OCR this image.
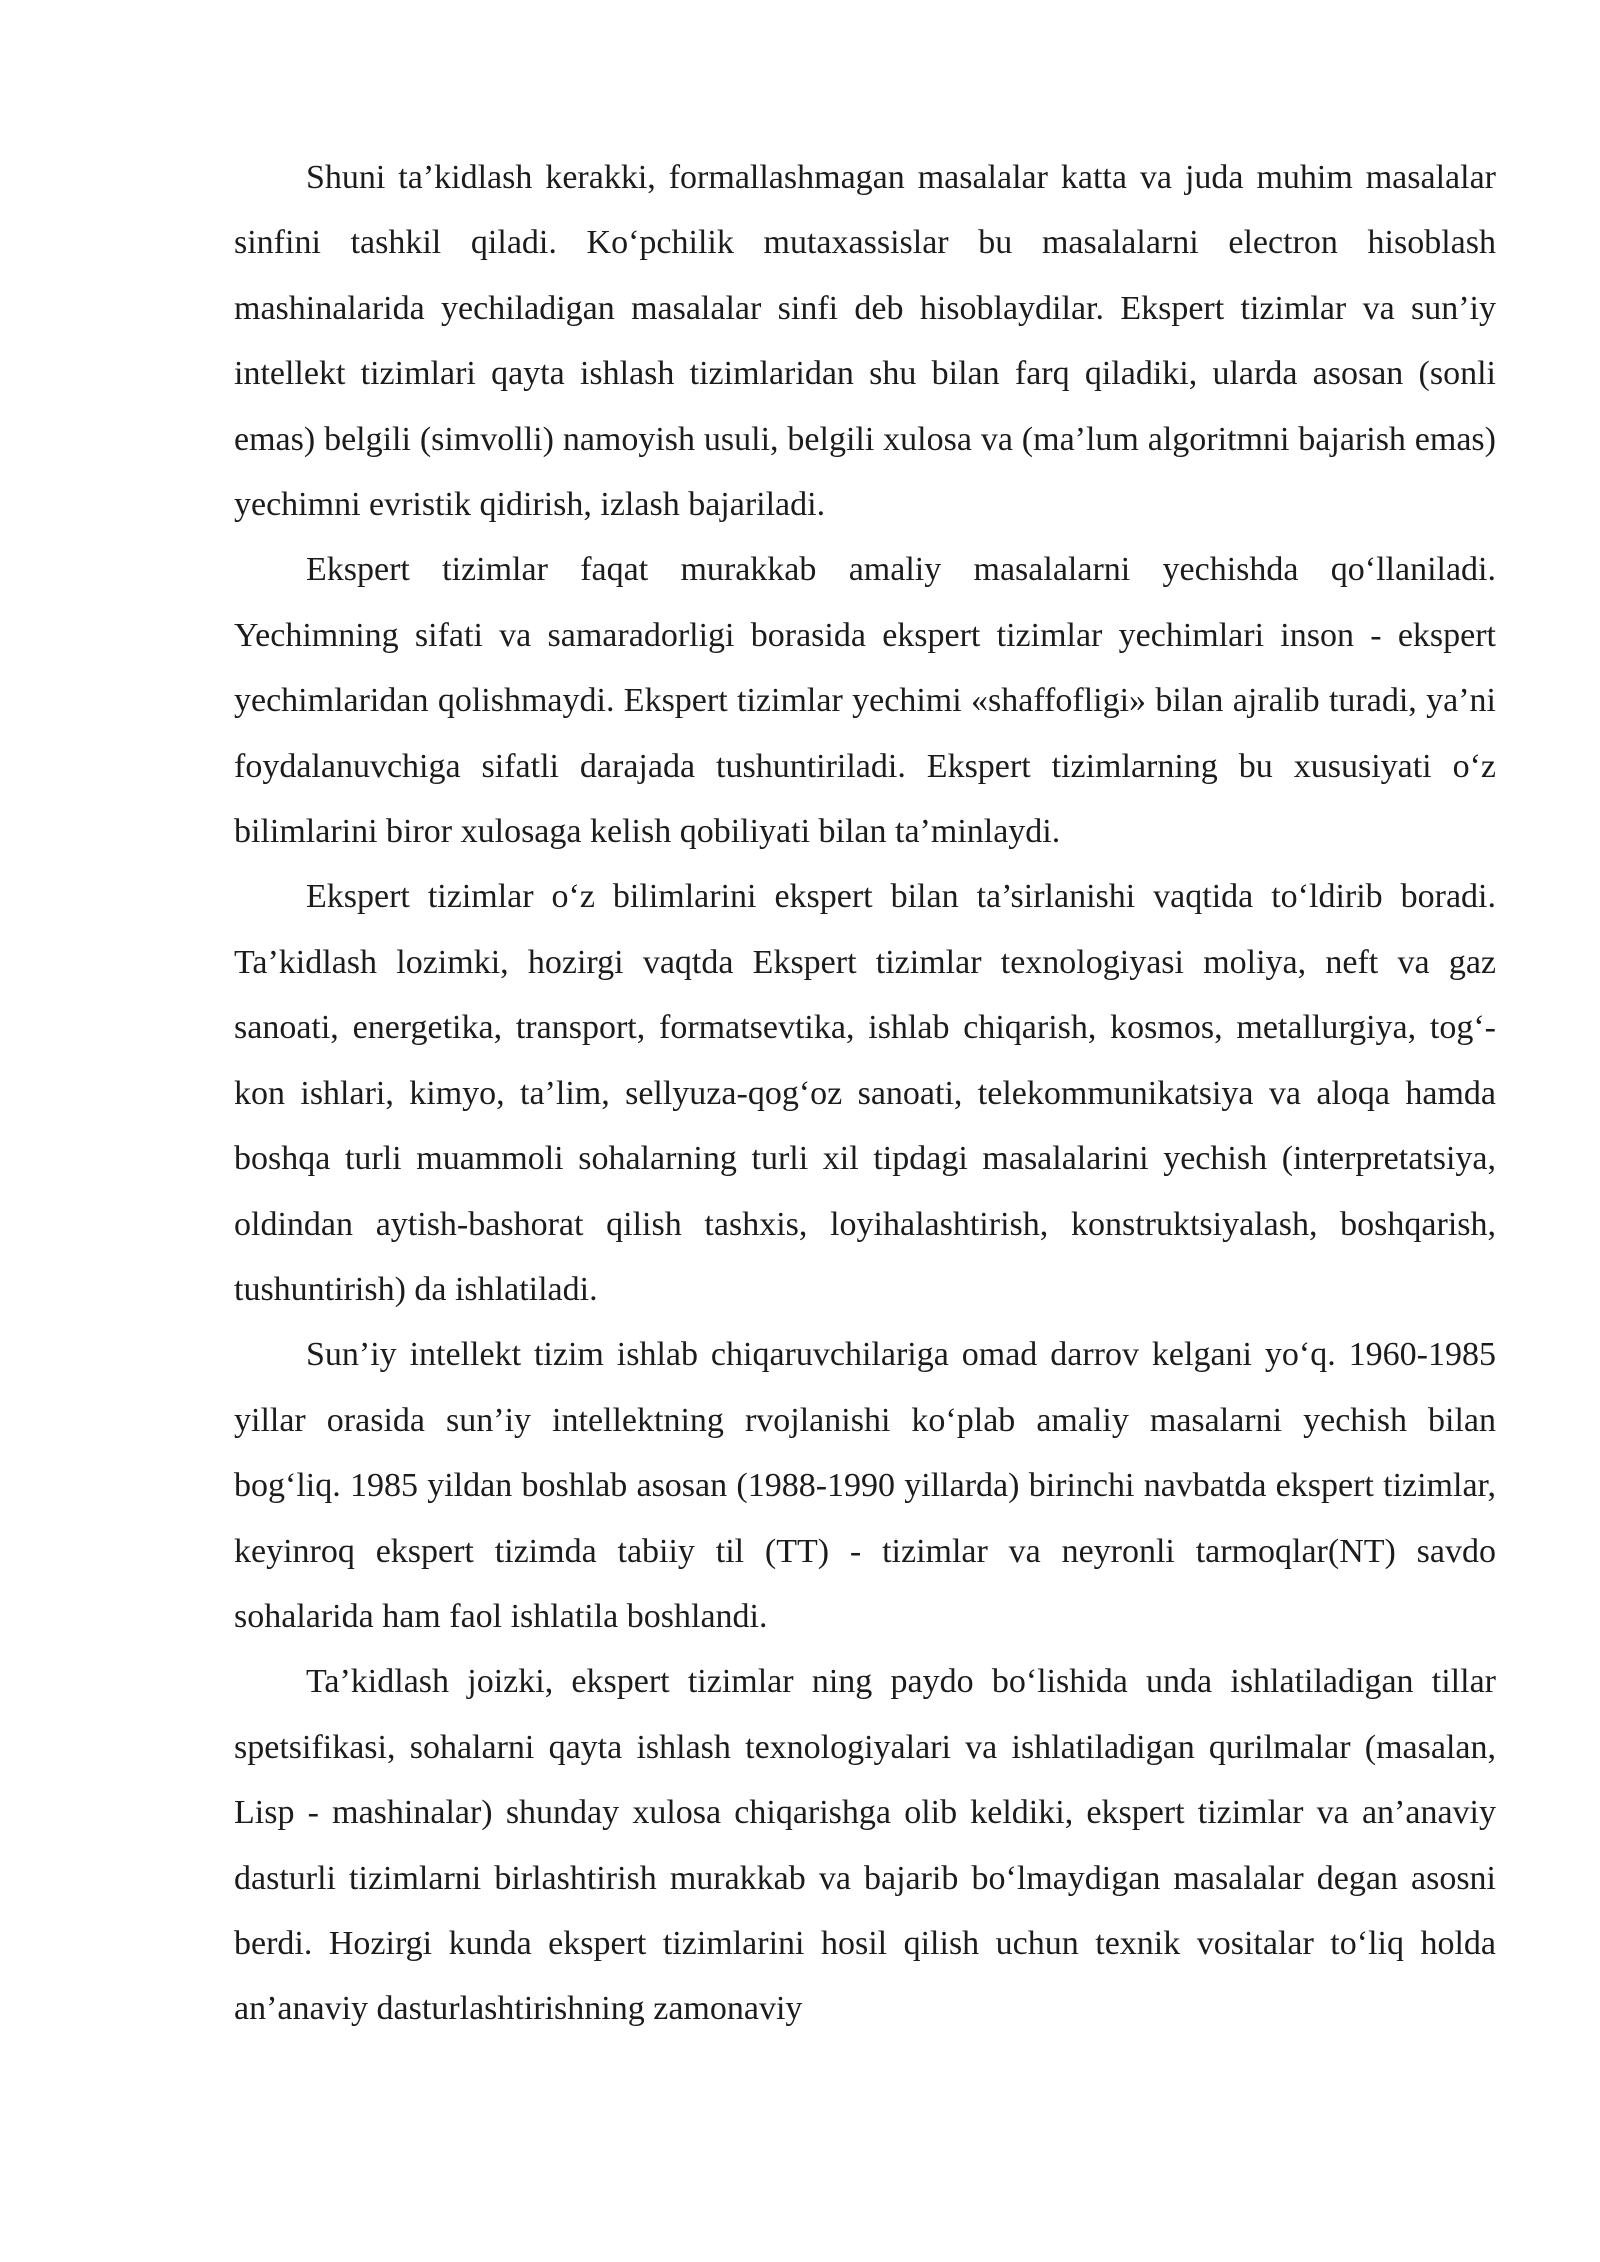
Shuni ta’kidlash kerakki, formallashmagan masalalar katta va juda muhim masalalar sinfini tashkil qiladi. Ko‘pchilik mutaxassislar bu masalalarni electron hisoblash mashinalarida yechiladigan masalalar sinfi deb hisoblaydilar. Ekspert tizimlar va sun’iy intellekt tizimlari qayta ishlash tizimlaridan shu bilan farq qiladiki, ularda asosan (sonli emas) belgili (simvolli) namoyish usuli, belgili xulosa va (ma’lum algoritmni bajarish emas) yechimni evristik qidirish, izlash bajariladi.

Ekspert tizimlar faqat murakkab amaliy masalalarni yechishda qo‘llaniladi. Yechimning sifati va samaradorligi borasida ekspert tizimlar yechimlari inson - ekspert yechimlaridan qolishmaydi. Ekspert tizimlar yechimi «shaffofligi» bilan ajralib turadi, ya’ni foydalanuvchiga sifatli darajada tushuntiriladi. Ekspert tizimlarning bu xususiyati o‘z bilimlarini biror xulosaga kelish qobiliyati bilan ta’minlaydi.

Ekspert tizimlar o‘z bilimlarini ekspert bilan ta’sirlanishi vaqtida to‘ldirib boradi. Ta’kidlash lozimki, hozirgi vaqtda Ekspert tizimlar texnologiyasi moliya, neft va gaz sanoati, energetika, transport, formatsevtika, ishlab chiqarish, kosmos, metallurgiya, tog‘-kon ishlari, kimyo, ta’lim, sellyuza-qog‘oz sanoati, telekommunikatsiya va aloqa hamda boshqa turli muammoli sohalarning turli xil tipdagi masalalarini yechish (interpretatsiya, oldindan aytish-bashorat qilish tashxis, loyihalashtirish, konstruktsiyalash, boshqarish, tushuntirish) da ishlatiladi.

Sun’iy intellekt tizim ishlab chiqaruvchilariga omad darrov kelgani yo‘q. 1960-1985 yillar orasida sun’iy intellektning rvojlanishi ko‘plab amaliy masalarni yechish bilan bog‘liq. 1985 yildan boshlab asosan (1988-1990 yillarda) birinchi navbatda ekspert tizimlar, keyinroq ekspert tizimda tabiiy til (TT) - tizimlar va neyronli tarmoqlar(NT) savdo sohalarida ham faol ishlatila boshlandi.

Ta’kidlash joizki, ekspert tizimlar ning paydo bo‘lishida unda ishlatiladigan tillar spetsifikasi, sohalarni qayta ishlash texnologiyalari va ishlatiladigan qurilmalar (masalan, Lisp - mashinalar) shunday xulosa chiqarishga olib keldiki, ekspert tizimlar va an’anaviy dasturli tizimlarni birlashtirish murakkab va bajarib bo‘lmaydigan masalalar degan asosni berdi. Hozirgi kunda ekspert tizimlarini hosil qilish uchun texnik vositalar to‘liq holda an’anaviy dasturlashtirishning zamonaviy
